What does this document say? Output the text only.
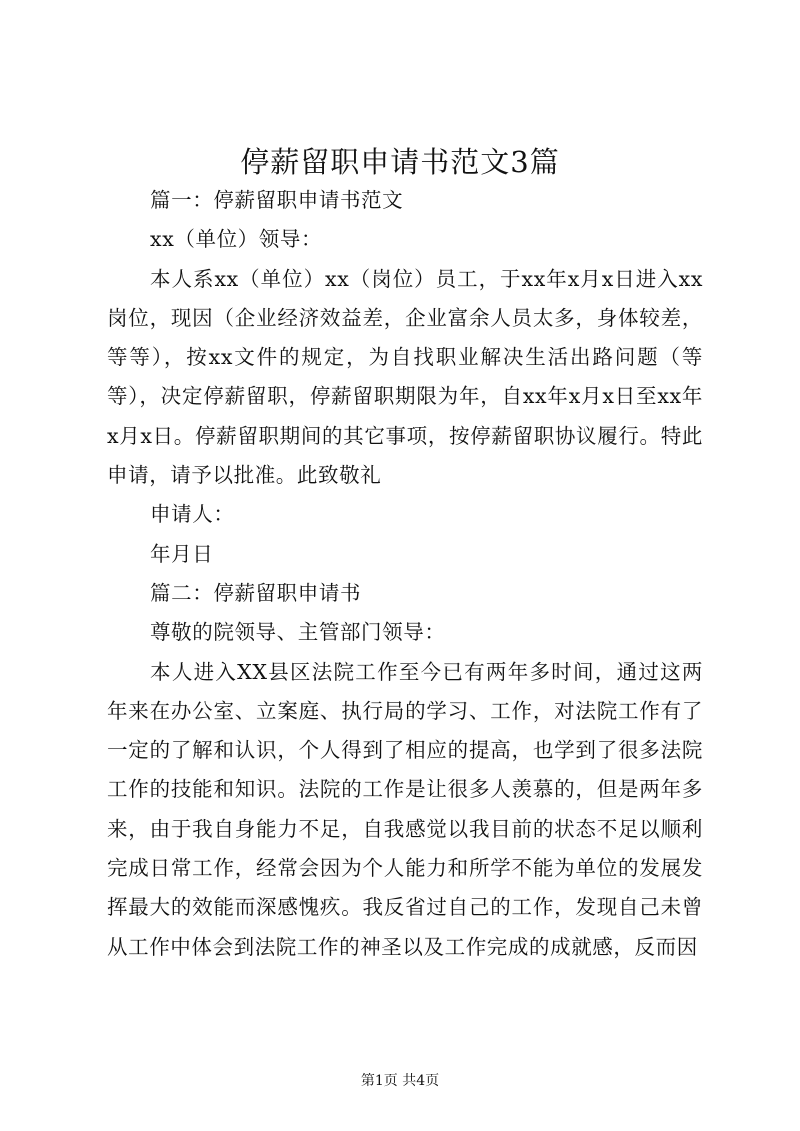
停薪留职申请书范文3篇

篇一：停薪留职申请书范文

xx（单位）领导：

本人系xx（单位）xx（岗位）员工，于xx年x月x日进入xx岗位，现因（企业经济效益差，企业富余人员太多，身体较差，等等），按xx文件的规定，为自找职业解决生活出路问题（等等），决定停薪留职，停薪留职期限为年，自xx年x月x日至xx年x月x日。停薪留职期间的其它事项，按停薪留职协议履行。特此申请，请予以批准。此致敬礼

申请人：

年月日

篇二：停薪留职申请书

尊敬的院领导、主管部门领导：

本人进入XX县区法院工作至今已有两年多时间，通过这两年来在办公室、立案庭、执行局的学习、工作，对法院工作有了一定的了解和认识，个人得到了相应的提高，也学到了很多法院工作的技能和知识。法院的工作是让很多人羡慕的，但是两年多来，由于我自身能力不足，自我感觉以我目前的状态不足以顺利完成日常工作，经常会因为个人能力和所学不能为单位的发展发挥最大的效能而深感愧疚。我反省过自己的工作，发现自己未曾从工作中体会到法院工作的神圣以及工作完成的成就感，反而因

第1页 共4页
